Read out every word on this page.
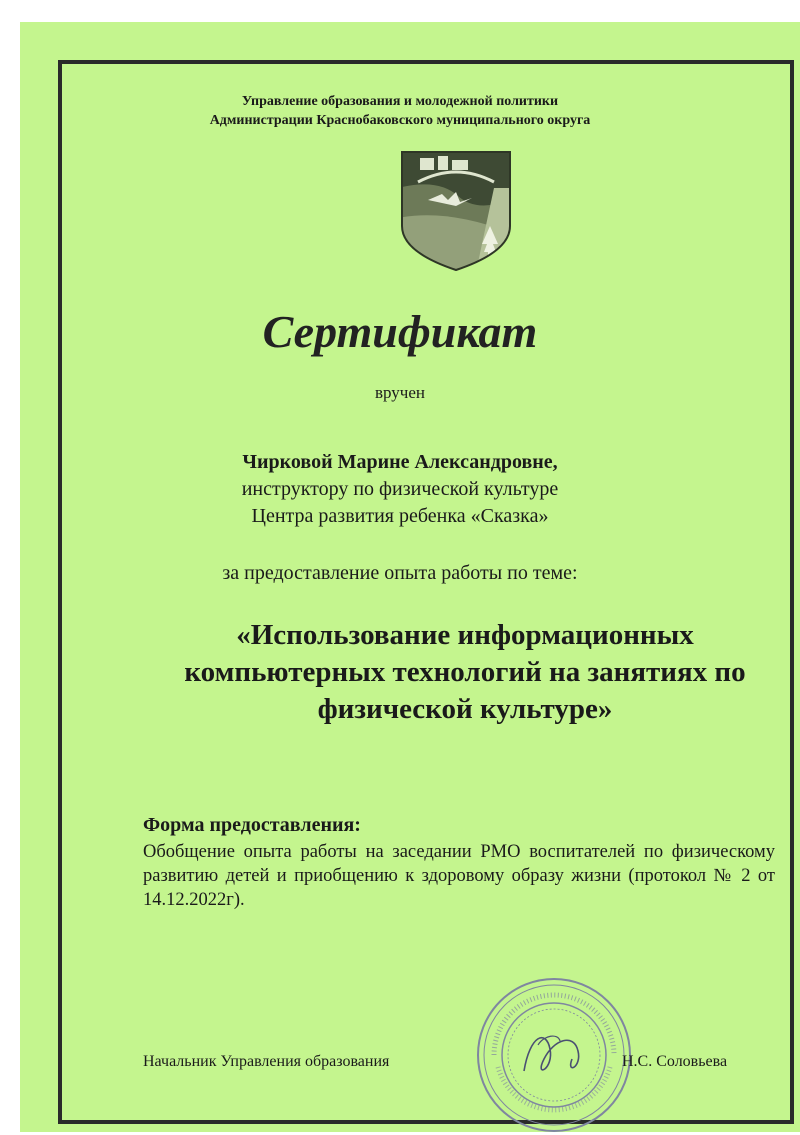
Управление образования и молодежной политики
Администрации Краснобаковского муниципального округа
Сертификат
вручен
Чирковой Марине Александровне,
инструктору по физической культуре
Центра развития ребенка «Сказка»
за предоставление опыта работы по теме:
«Использование информационных
компьютерных технологий на занятиях по
физической культуре»
Форма предоставления:
Обобщение опыта работы на заседании РМО воспитателей по физическому развитию детей и приобщению к здоровому образу жизни (протокол № 2 от 14.12.2022г).
Начальник Управления образования	Н.С. Соловьева
